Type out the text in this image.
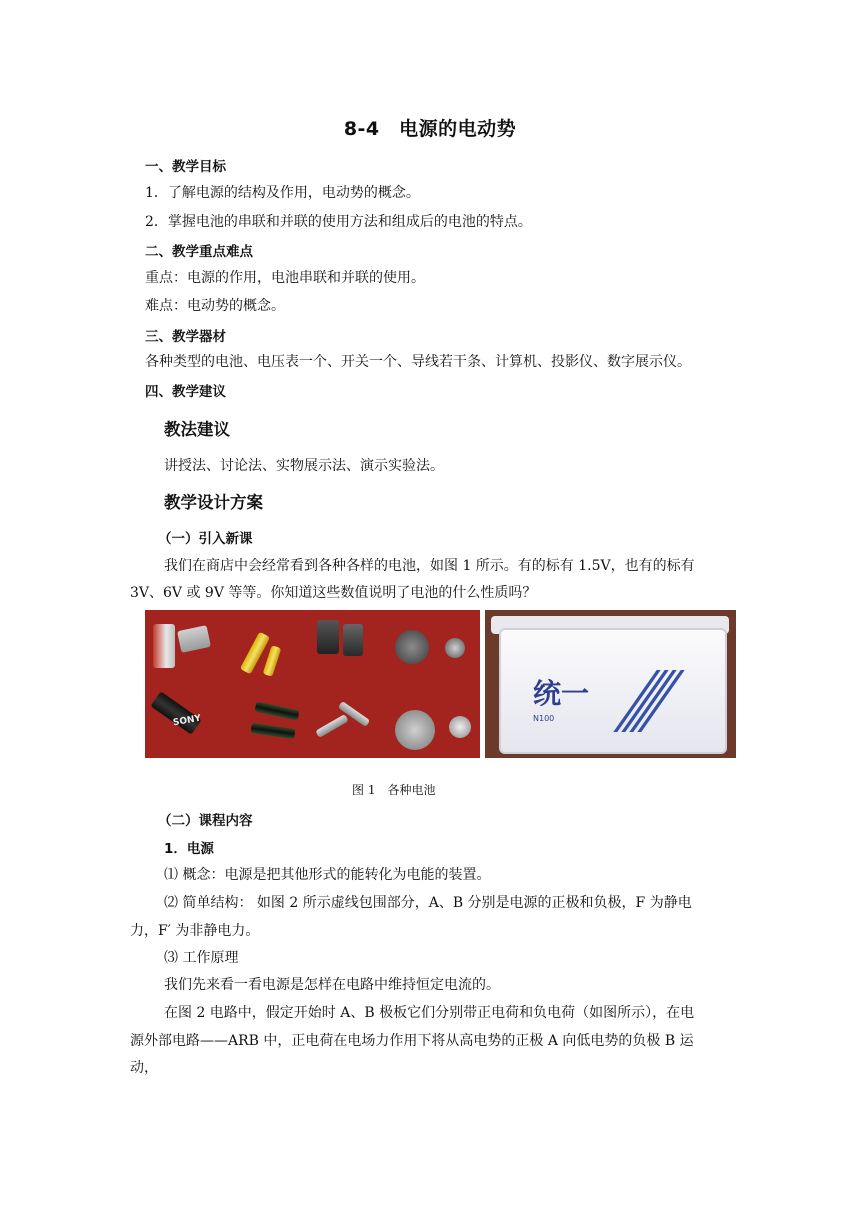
8-4　电源的电动势
一、教学目标
1．了解电源的结构及作用，电动势的概念。
2．掌握电池的串联和并联的使用方法和组成后的电池的特点。
二、教学重点难点
重点：电源的作用，电池串联和并联的使用。
难点：电动势的概念。
三、教学器材
各种类型的电池、电压表一个、开关一个、导线若干条、计算机、投影仪、数字展示仪。
四、教学建议
教法建议
讲授法、讨论法、实物展示法、演示实验法。
教学设计方案
（一）引入新课
我们在商店中会经常看到各种各样的电池，如图 1 所示。有的标有 1.5V，也有的标有
3V、6V 或 9V 等等。你知道这些数值说明了电池的什么性质吗？
SONY
统一
N100
图 1　各种电池
（二）课程内容
1．电源
⑴ 概念：电源是把其他形式的能转化为电能的装置。
⑵ 简单结构： 如图 2 所示虚线包围部分，A、B 分别是电源的正极和负极，F 为静电
力，F′ 为非静电力。
⑶ 工作原理
我们先来看一看电源是怎样在电路中维持恒定电流的。
在图 2 电路中，假定开始时 A、B 极板它们分别带正电荷和负电荷（如图所示），在电
源外部电路——ARB 中，正电荷在电场力作用下将从高电势的正极 A 向低电势的负极 B 运
动，
